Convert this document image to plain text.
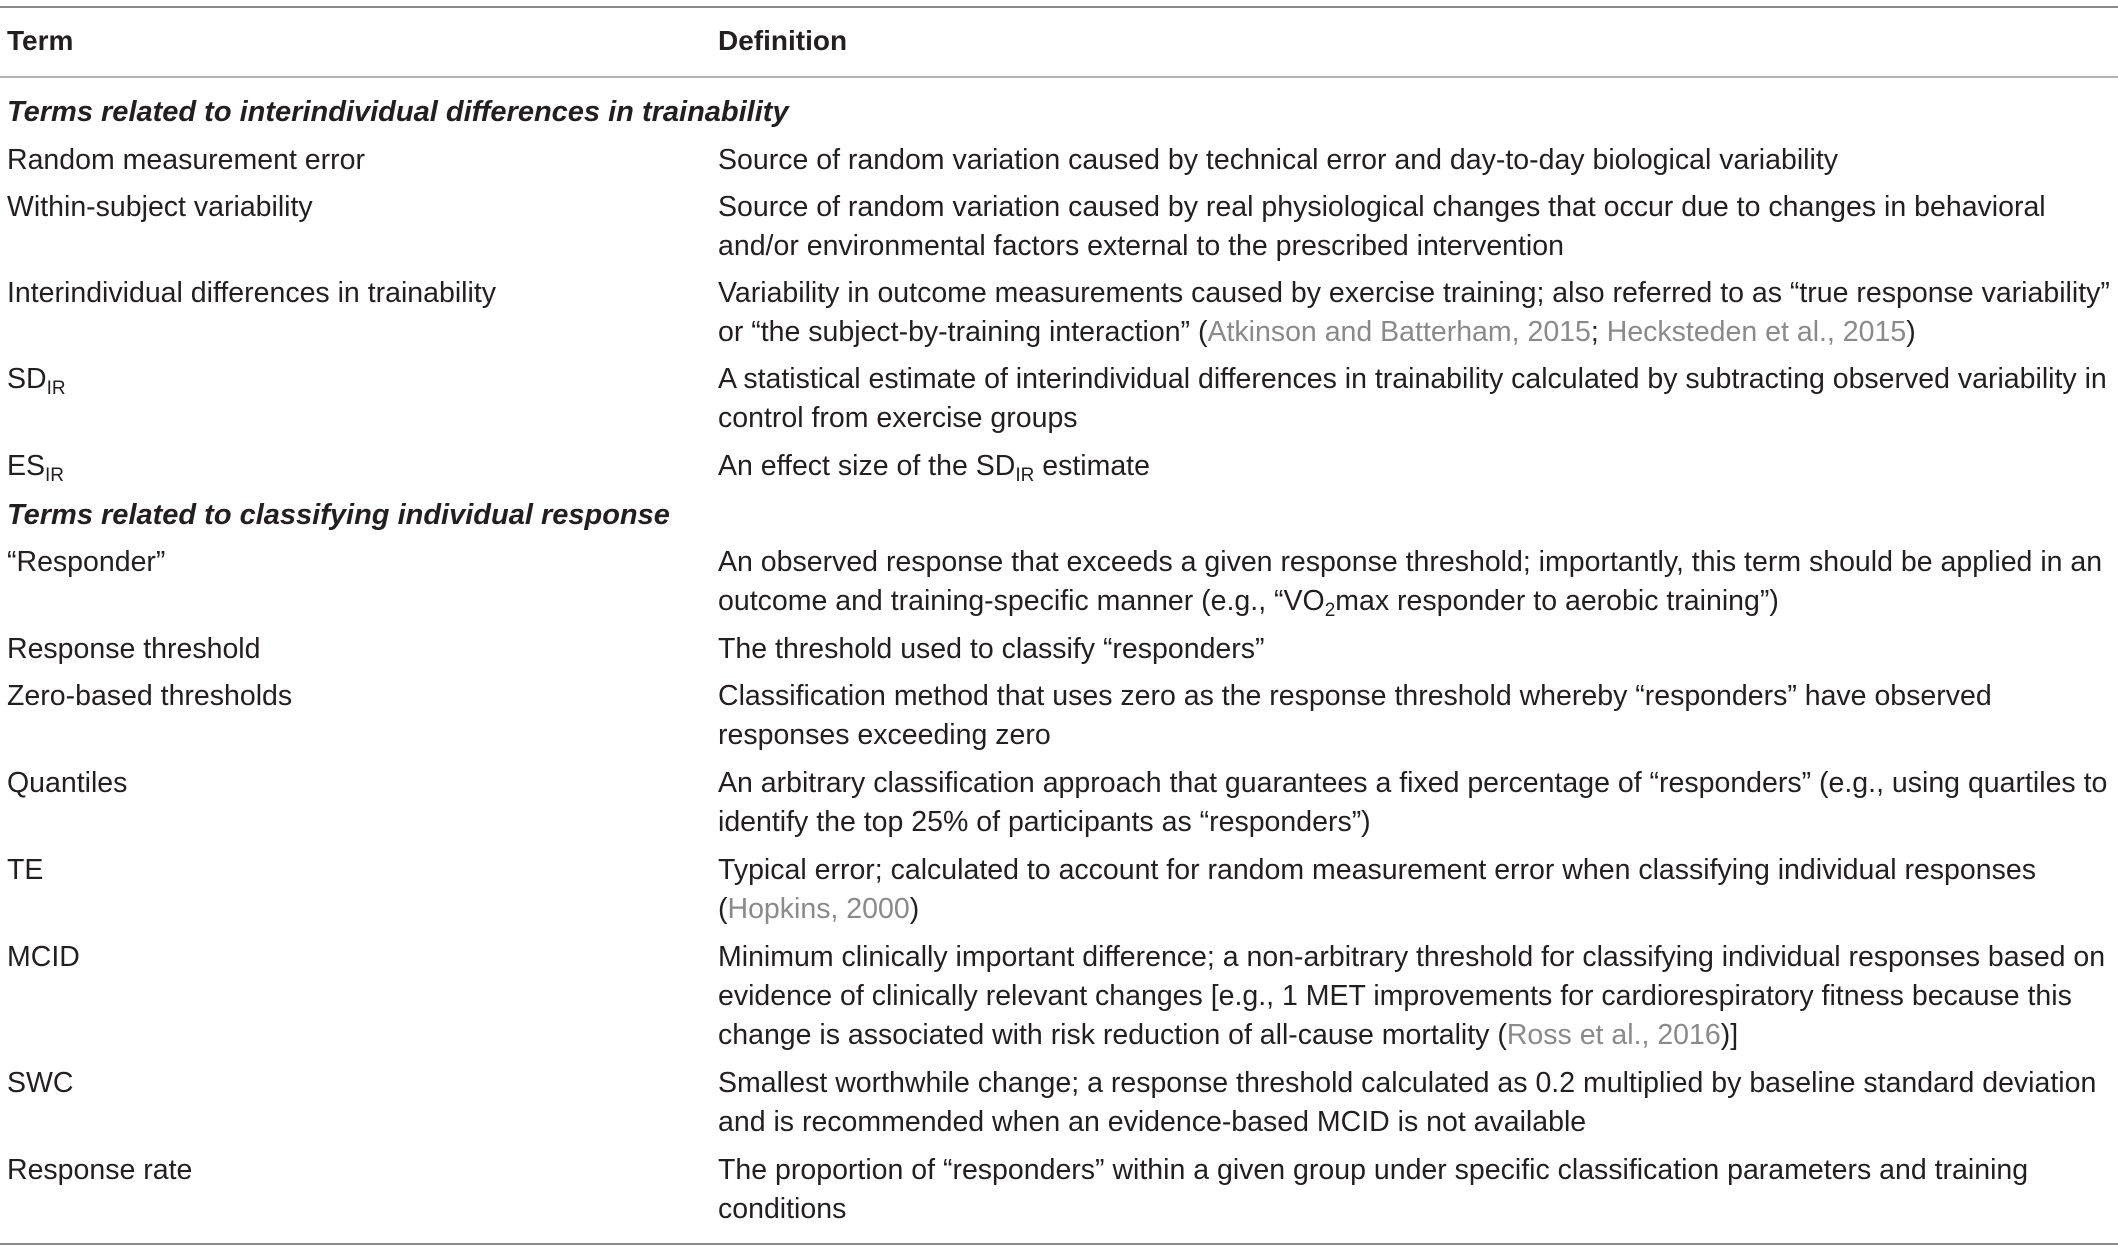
Term	Definition
Terms related to interindividual differences in trainability
Random measurement error	Source of random variation caused by technical error and day-to-day biological variability
Within-subject variability	Source of random variation caused by real physiological changes that occur due to changes in behavioral
and/or environmental factors external to the prescribed intervention
Interindividual differences in trainability	Variability in outcome measurements caused by exercise training; also referred to as “true response variability”
or “the subject-by-training interaction” (Atkinson and Batterham, 2015; Hecksteden et al., 2015)
$SD_{IR}$	A statistical estimate of interindividual differences in trainability calculated by subtracting observed variability in
control from exercise groups
$ES_{IR}$	An effect size of the $SD_{IR}$ estimate
Terms related to classifying individual response
“Responder”	An observed response that exceeds a given response threshold; importantly, this term should be applied in an
outcome and training-specific manner (e.g., “$VO_2\max$ responder to aerobic training”)
Response threshold	The threshold used to classify “responders”
Zero-based thresholds	Classification method that uses zero as the response threshold whereby “responders” have observed
responses exceeding zero
Quantiles	An arbitrary classification approach that guarantees a fixed percentage of “responders” (e.g., using quartiles to
identify the top 25% of participants as “responders”)
TE	Typical error; calculated to account for random measurement error when classifying individual responses
(Hopkins, 2000)
MCID	Minimum clinically important difference; a non-arbitrary threshold for classifying individual responses based on
evidence of clinically relevant changes [e.g., 1 MET improvements for cardiorespiratory fitness because this
change is associated with risk reduction of all-cause mortality (Ross et al., 2016)]
SWC	Smallest worthwhile change; a response threshold calculated as 0.2 multiplied by baseline standard deviation
and is recommended when an evidence-based MCID is not available
Response rate	The proportion of “responders” within a given group under specific classification parameters and training
conditions
